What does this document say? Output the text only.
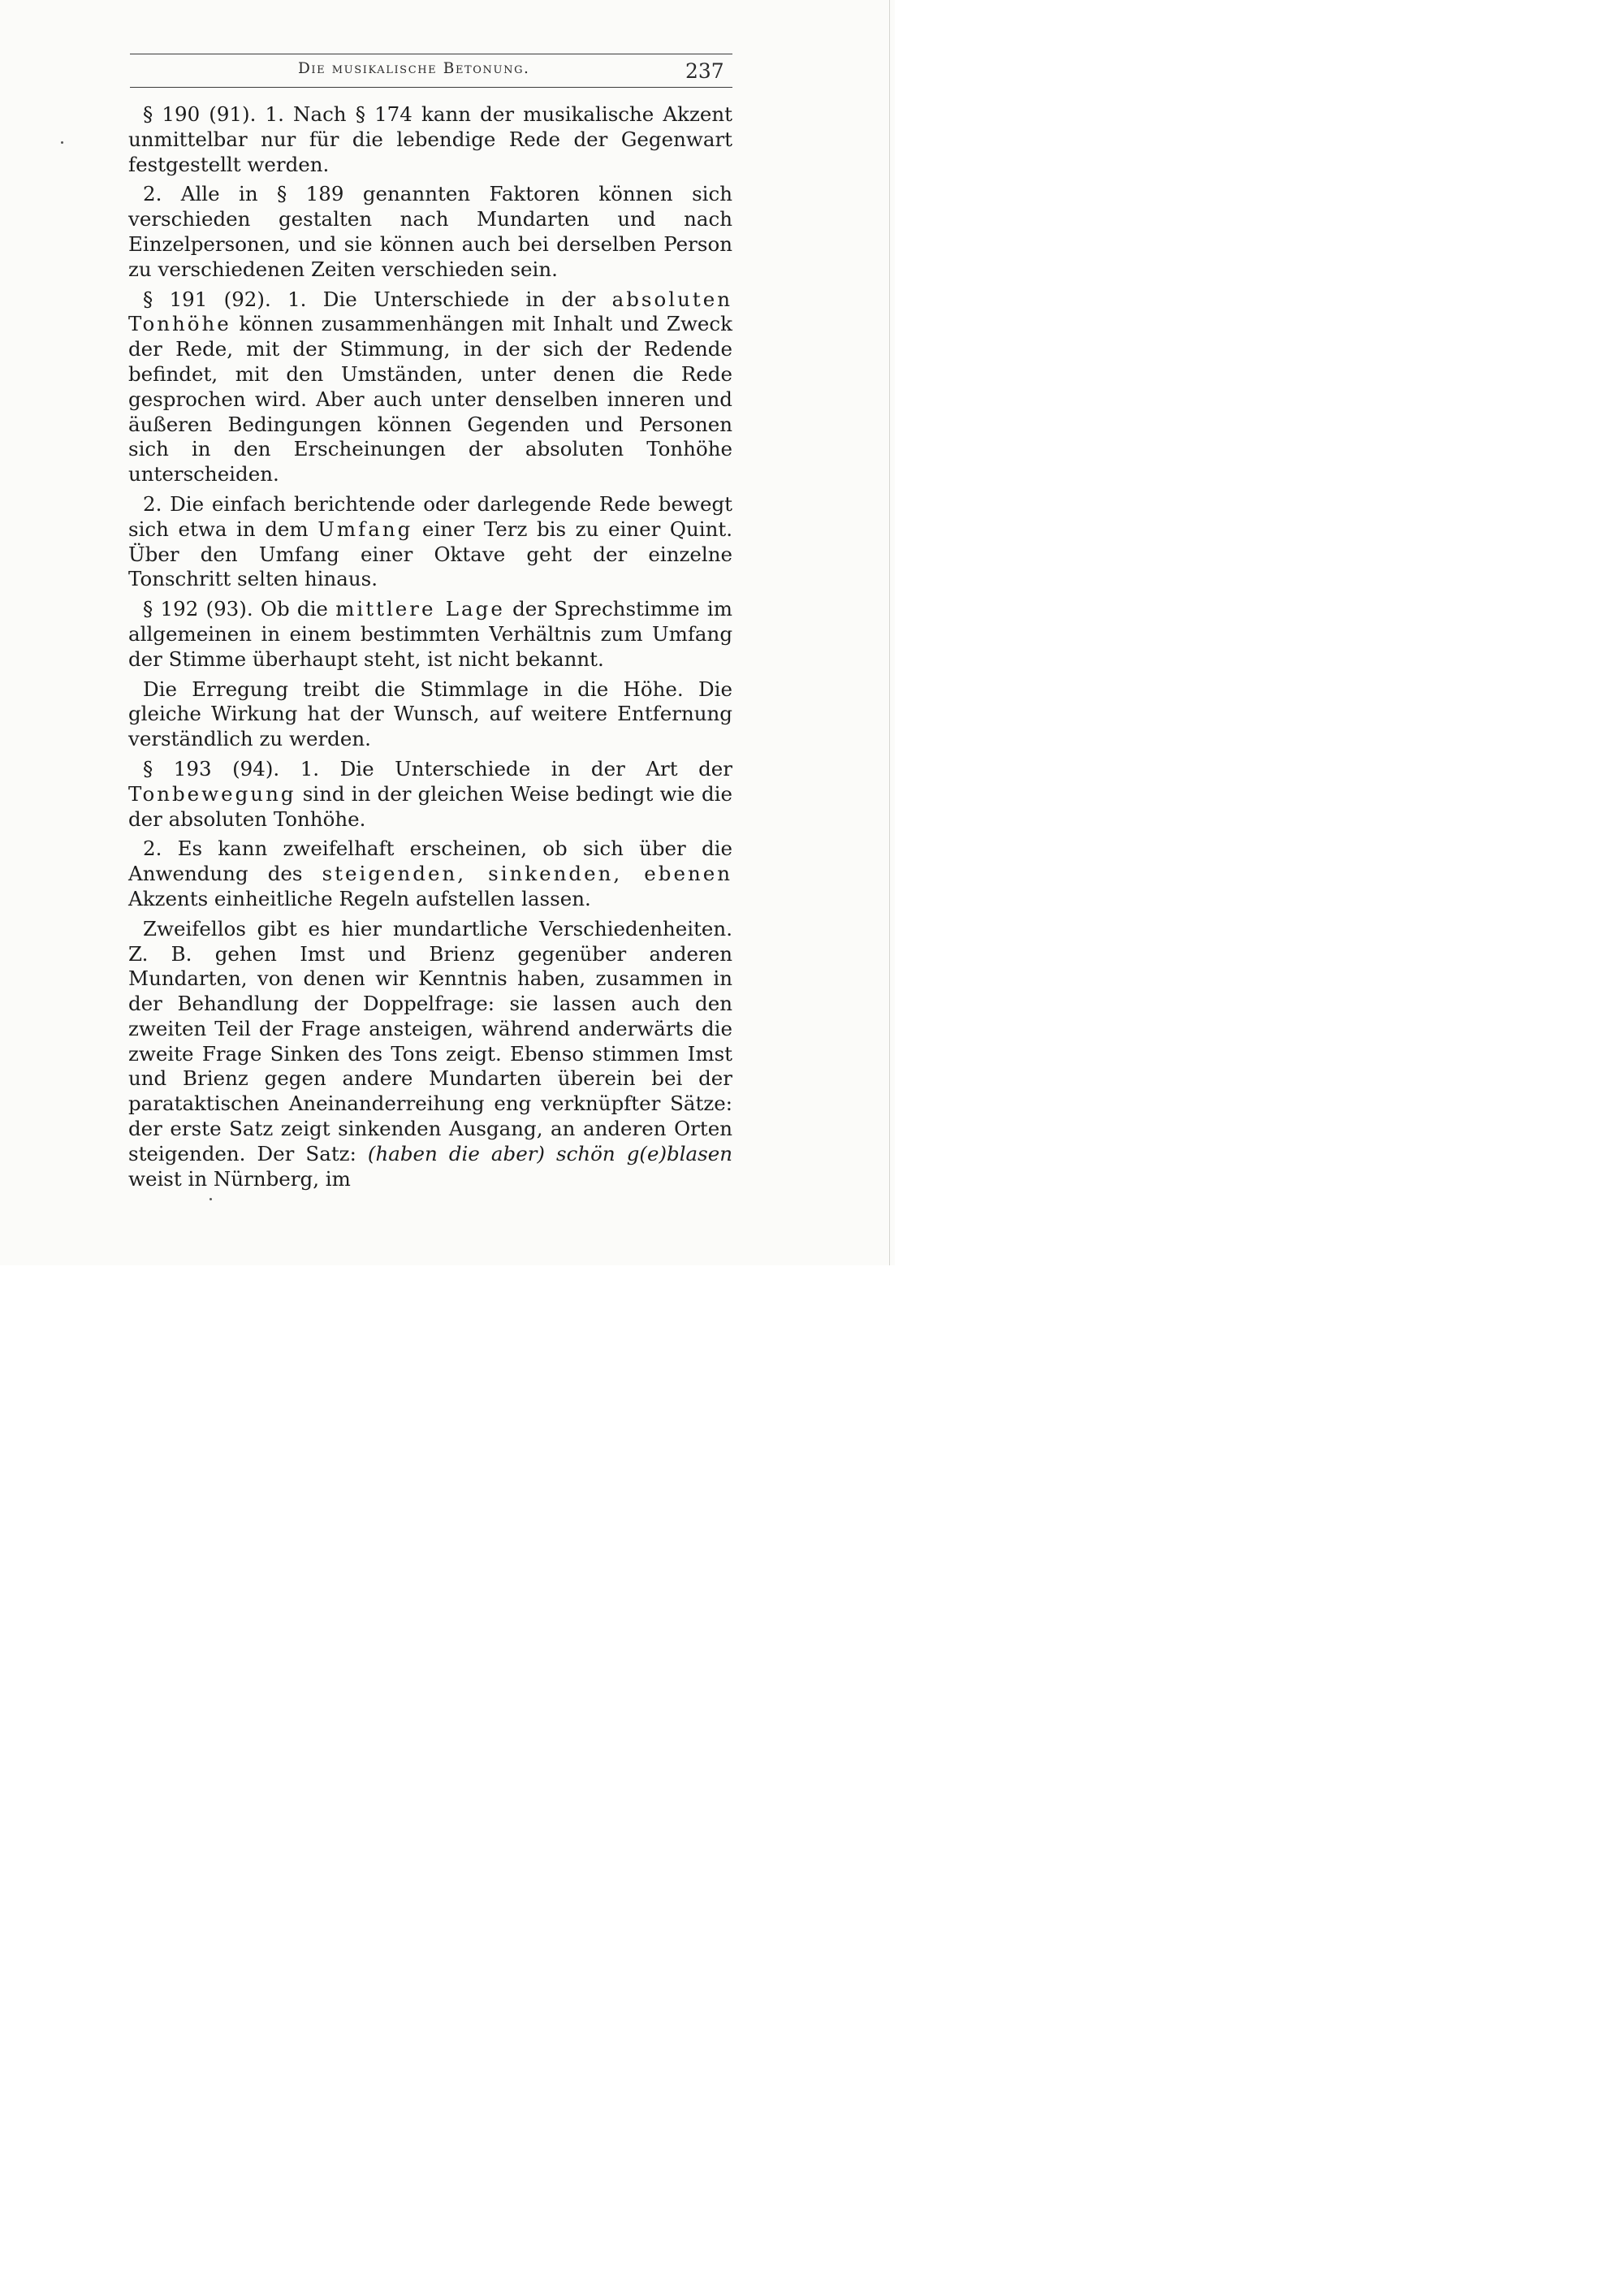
Die musikalische Betonung.	237

§ 190 (91). 1. Nach § 174 kann der musikalische Akzent unmittelbar nur für die lebendige Rede der Gegenwart festgestellt werden.

2. Alle in § 189 genannten Faktoren können sich verschieden gestalten nach Mundarten und nach Einzelpersonen, und sie können auch bei derselben Person zu verschiedenen Zeiten verschieden sein.

§ 191 (92). 1. Die Unterschiede in der absoluten Tonhöhe können zusammenhängen mit Inhalt und Zweck der Rede, mit der Stimmung, in der sich der Redende befindet, mit den Umständen, unter denen die Rede gesprochen wird. Aber auch unter denselben inneren und äußeren Bedingungen können Gegenden und Personen sich in den Erscheinungen der absoluten Tonhöhe unterscheiden.

2. Die einfach berichtende oder darlegende Rede bewegt sich etwa in dem Umfang einer Terz bis zu einer Quint. Über den Umfang einer Oktave geht der einzelne Tonschritt selten hinaus.

§ 192 (93). Ob die mittlere Lage der Sprechstimme im allgemeinen in einem bestimmten Verhältnis zum Umfang der Stimme überhaupt steht, ist nicht bekannt.

Die Erregung treibt die Stimmlage in die Höhe. Die gleiche Wirkung hat der Wunsch, auf weitere Entfernung verständlich zu werden.

§ 193 (94). 1. Die Unterschiede in der Art der Tonbewegung sind in der gleichen Weise bedingt wie die der absoluten Tonhöhe.

2. Es kann zweifelhaft erscheinen, ob sich über die Anwendung des steigenden, sinkenden, ebenen Akzents einheitliche Regeln aufstellen lassen.

Zweifellos gibt es hier mundartliche Verschiedenheiten. Z. B. gehen Imst und Brienz gegenüber anderen Mundarten, von denen wir Kenntnis haben, zusammen in der Behandlung der Doppelfrage: sie lassen auch den zweiten Teil der Frage ansteigen, während anderwärts die zweite Frage Sinken des Tons zeigt. Ebenso stimmen Imst und Brienz gegen andere Mundarten überein bei der parataktischen Aneinanderreihung eng verknüpfter Sätze: der erste Satz zeigt sinkenden Ausgang, an anderen Orten steigenden. Der Satz: (haben die aber) schön g(e)blasen weist in Nürnberg, im
